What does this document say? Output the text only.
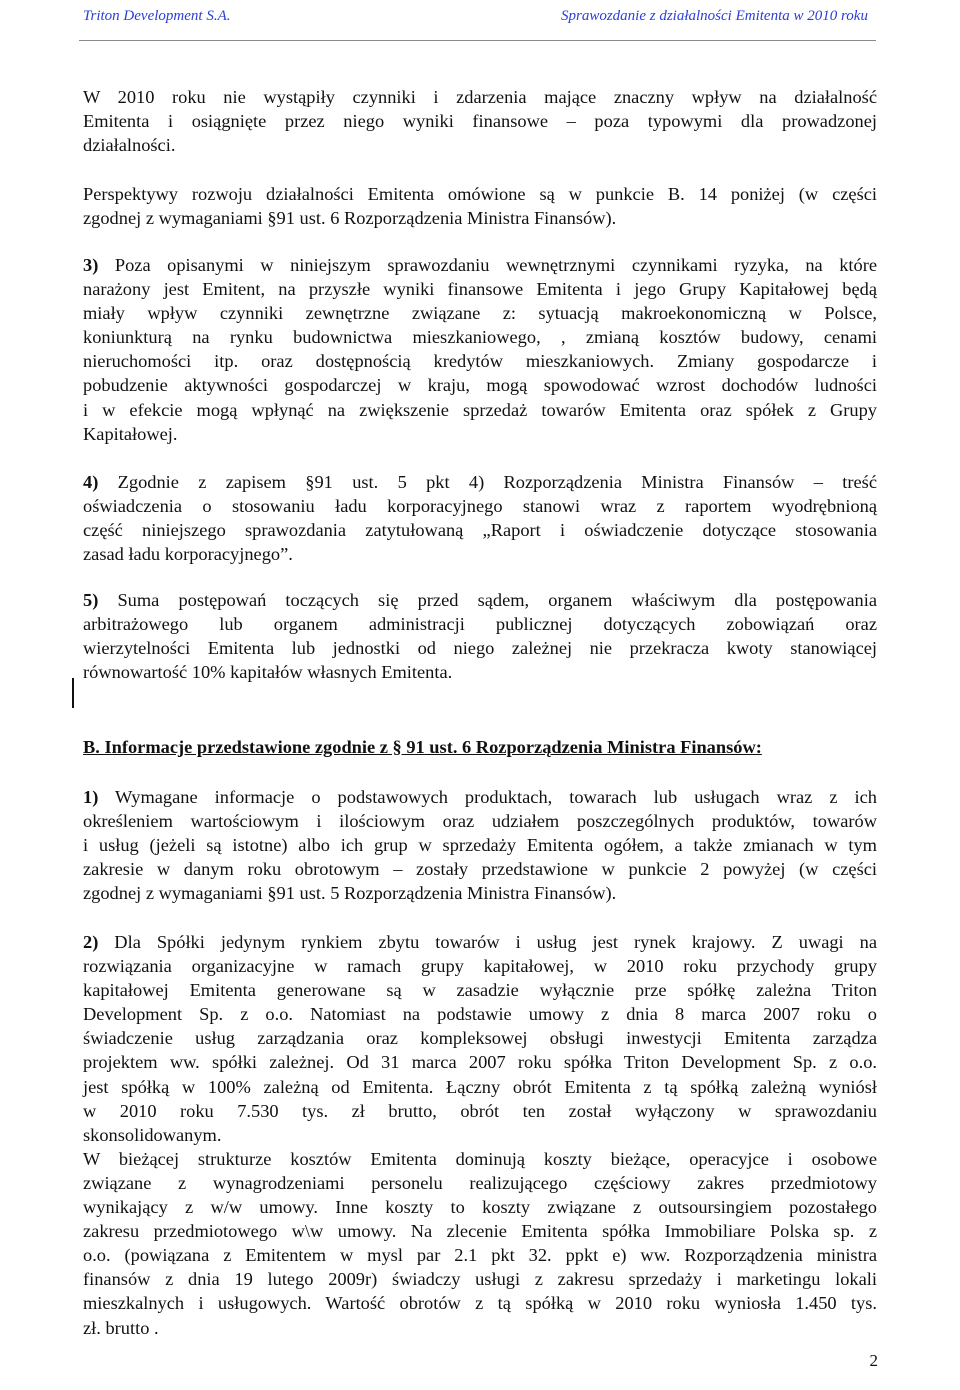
Triton Development S.A.	Sprawozdanie z działalności Emitenta w 2010 roku
W 2010 roku nie wystąpiły czynniki i zdarzenia mające znaczny wpływ na działalność
Emitenta i osiągnięte przez niego wyniki finansowe – poza typowymi dla prowadzonej
działalności.
Perspektywy rozwoju działalności Emitenta omówione są w punkcie B. 14 poniżej (w części
zgodnej z wymaganiami §91 ust. 6 Rozporządzenia Ministra Finansów).
3) Poza opisanymi w niniejszym sprawozdaniu wewnętrznymi czynnikami ryzyka, na które
narażony jest Emitent, na przyszłe wyniki finansowe Emitenta i jego Grupy Kapitałowej będą
miały wpływ czynniki zewnętrzne związane z: sytuacją makroekonomiczną w Polsce,
koniunkturą na rynku budownictwa mieszkaniowego, , zmianą kosztów budowy, cenami
nieruchomości itp. oraz dostępnością kredytów mieszkaniowych. Zmiany gospodarcze i
pobudzenie aktywności gospodarczej w kraju, mogą spowodować wzrost dochodów ludności
i w efekcie mogą wpłynąć na zwiększenie sprzedaż towarów Emitenta oraz spółek z Grupy
Kapitałowej.
4) Zgodnie z zapisem §91 ust. 5 pkt 4) Rozporządzenia Ministra Finansów – treść
oświadczenia o stosowaniu ładu korporacyjnego stanowi wraz z raportem wyodrębnioną
część niniejszego sprawozdania zatytułowaną „Raport i oświadczenie dotyczące stosowania
zasad ładu korporacyjnego”.
5) Suma postępowań toczących się przed sądem, organem właściwym dla postępowania
arbitrażowego lub organem administracji publicznej dotyczących zobowiązań oraz
wierzytelności Emitenta lub jednostki od niego zależnej nie przekracza kwoty stanowiącej
równowartość 10% kapitałów własnych Emitenta.
B. Informacje przedstawione zgodnie z § 91 ust. 6 Rozporządzenia Ministra Finansów:
1) Wymagane informacje o podstawowych produktach, towarach lub usługach wraz z ich
określeniem wartościowym i ilościowym oraz udziałem poszczególnych produktów, towarów
i usług (jeżeli są istotne) albo ich grup w sprzedaży Emitenta ogółem, a także zmianach w tym
zakresie w danym roku obrotowym – zostały przedstawione w punkcie 2 powyżej (w części
zgodnej z wymaganiami §91 ust. 5 Rozporządzenia Ministra Finansów).
2) Dla Spółki jedynym rynkiem zbytu towarów i usług jest rynek krajowy. Z uwagi na
rozwiązania organizacyjne w ramach grupy kapitałowej, w 2010 roku przychody grupy
kapitałowej Emitenta generowane są w zasadzie wyłącznie prze spółkę zależna Triton
Development Sp. z o.o. Natomiast na podstawie umowy z dnia 8 marca 2007 roku o
świadczenie usług zarządzania oraz kompleksowej obsługi inwestycji Emitenta zarządza
projektem ww. spółki zależnej. Od 31 marca 2007 roku spółka Triton Development Sp. z o.o.
jest spółką w 100% zależną od Emitenta. Łączny obrót Emitenta z tą spółką zależną wyniósł
w 2010 roku 7.530 tys. zł brutto, obrót ten został wyłączony w sprawozdaniu
skonsolidowanym.
W bieżącej strukturze kosztów Emitenta dominują koszty bieżące, operacyjce i osobowe
związane z wynagrodzeniami personelu realizującego częściowy zakres przedmiotowy
wynikający z w/w umowy. Inne koszty to koszty związane z outsoursingiem pozostałego
zakresu przedmiotowego w\w umowy. Na zlecenie Emitenta spółka Immobiliare Polska sp. z
o.o. (powiązana z Emitentem w mysl par 2.1 pkt 32. ppkt e) ww. Rozporządzenia ministra
finansów z dnia 19 lutego 2009r) świadczy usługi z zakresu sprzedaży i marketingu lokali
mieszkalnych i usługowych. Wartość obrotów z tą spółką w 2010 roku wyniosła 1.450 tys.
zł. brutto .
2
